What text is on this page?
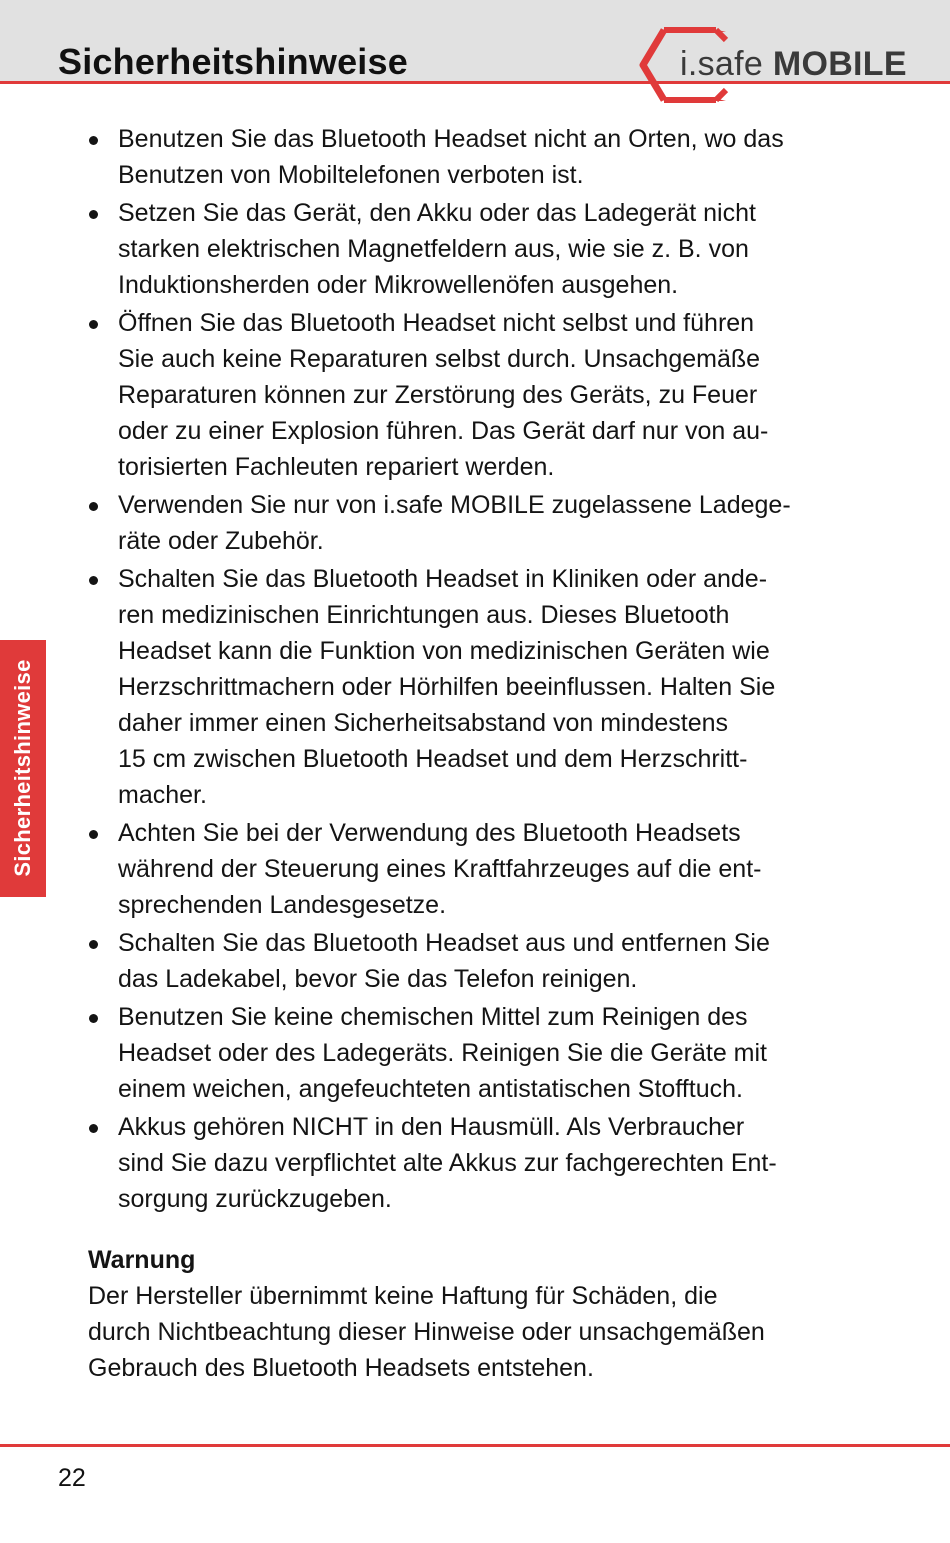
Sicherheitshinweise	i.safe MOBILE
Sicherheitshinweise
Benutzen Sie das Bluetooth Headset nicht an Orten, wo das
Benutzen von Mobiltelefonen verboten ist.
Setzen Sie das Gerät, den Akku oder das Ladegerät nicht
starken elektrischen Magnetfeldern aus, wie sie z. B. von
Induktionsherden oder Mikrowellenöfen ausgehen.
Öffnen Sie das Bluetooth Headset nicht selbst und führen
Sie auch keine Reparaturen selbst durch. Unsachgemäße
Reparaturen können zur Zerstörung des Geräts, zu Feuer
oder zu einer Explosion führen. Das Gerät darf nur von au-
torisierten Fachleuten repariert werden.
Verwenden Sie nur von i.safe MOBILE zugelassene Ladege-
räte oder Zubehör.
Schalten Sie das Bluetooth Headset in Kliniken oder ande-
ren medizinischen Einrichtungen aus. Dieses Bluetooth
Headset kann die Funktion von medizinischen Geräten wie
Herzschrittmachern oder Hörhilfen beeinflussen. Halten Sie
daher immer einen Sicherheitsabstand von mindestens
15 cm zwischen Bluetooth Headset und dem Herzschritt-
macher.
Achten Sie bei der Verwendung des Bluetooth Headsets
während der Steuerung eines Kraftfahrzeuges auf die ent-
sprechenden Landesgesetze.
Schalten Sie das Bluetooth Headset aus und entfernen Sie
das Ladekabel, bevor Sie das Telefon reinigen.
Benutzen Sie keine chemischen Mittel zum Reinigen des
Headset oder des Ladegeräts. Reinigen Sie die Geräte mit
einem weichen, angefeuchteten antistatischen Stofftuch.
Akkus gehören NICHT in den Hausmüll. Als Verbraucher
sind Sie dazu verpflichtet alte Akkus zur fachgerechten Ent-
sorgung zurückzugeben.
Warnung
Der Hersteller übernimmt keine Haftung für Schäden, die
durch Nichtbeachtung dieser Hinweise oder unsachgemäßen
Gebrauch des Bluetooth Headsets entstehen.
22
